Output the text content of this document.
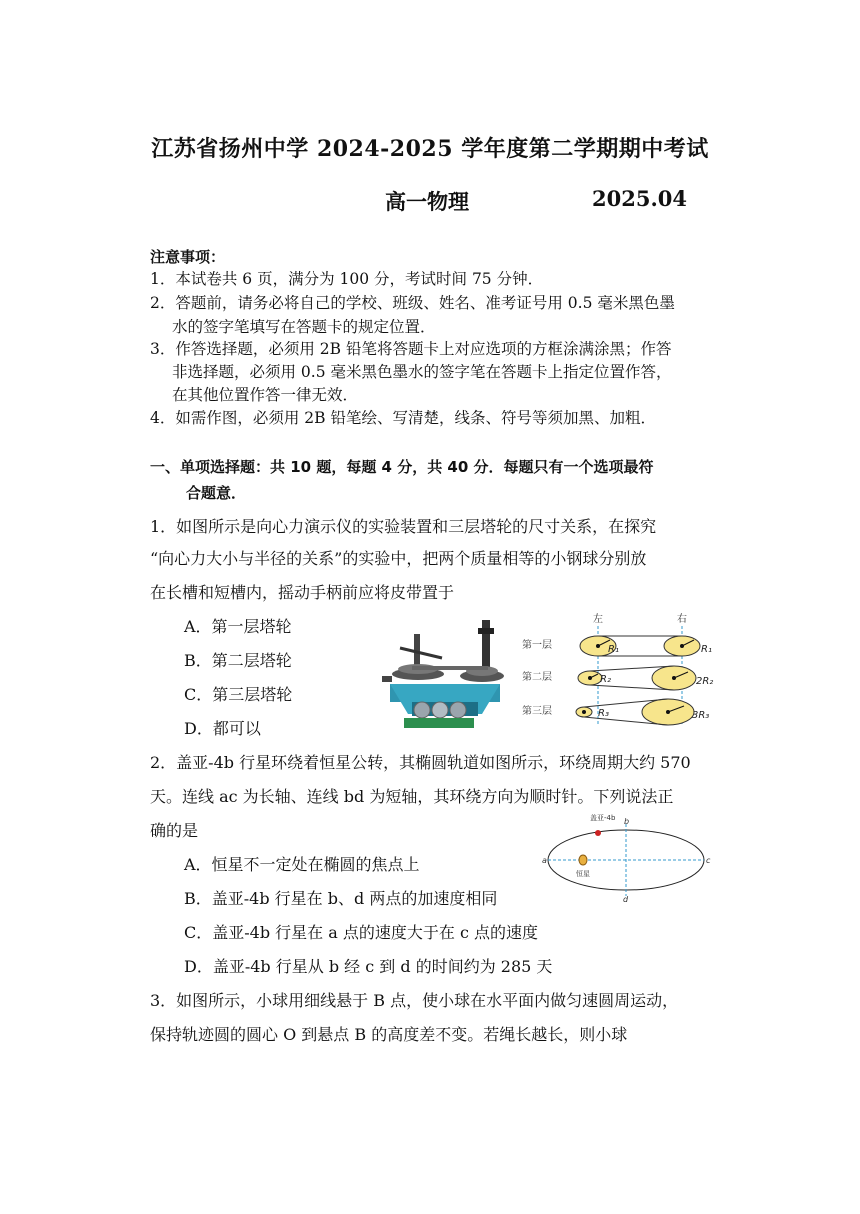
江苏省扬州中学 2024-2025 学年度第二学期期中考试
高一物理	2025.04
注意事项：
1．本试卷共 6 页，满分为 100 分，考试时间 75 分钟．
2．答题前，请务必将自己的学校、班级、姓名、准考证号用 0.5 毫米黑色墨
水的签字笔填写在答题卡的规定位置．
3．作答选择题，必须用 2B 铅笔将答题卡上对应选项的方框涂满涂黑；作答
非选择题，必须用 0.5 毫米黑色墨水的签字笔在答题卡上指定位置作答，
在其他位置作答一律无效．
4．如需作图，必须用 2B 铅笔绘、写清楚，线条、符号等须加黑、加粗．
一、单项选择题：共 10 题，每题 4 分，共 40 分．每题只有一个选项最符
合题意．
1．如图所示是向心力演示仪的实验装置和三层塔轮的尺寸关系，在探究
“向心力大小与半径的关系”的实验中，把两个质量相等的小钢球分别放
在长槽和短槽内，摇动手柄前应将皮带置于
A．第一层塔轮
B．第二层塔轮
C．第三层塔轮
D．都可以
左	右
第一层	R₁	R₁
第二层	R₂	2R₂
第三层	R₃	3R₃
2．盖亚-4b 行星环绕着恒星公转，其椭圆轨道如图所示，环绕周期大约 570
天。连线 ac 为长轴、连线 bd 为短轴，其环绕方向为顺时针。下列说法正
确的是
A．恒星不一定处在椭圆的焦点上
B．盖亚-4b 行星在 b、d 两点的加速度相同
C．盖亚-4b 行星在 a 点的速度大于在 c 点的速度
D．盖亚-4b 行星从 b 经 c 到 d 的时间约为 285 天
盖亚-4b
恒星
a
b
c
d
3．如图所示，小球用细线悬于 B 点，使小球在水平面内做匀速圆周运动，
保持轨迹圆的圆心 O 到悬点 B 的高度差不变。若绳长越长，则小球
